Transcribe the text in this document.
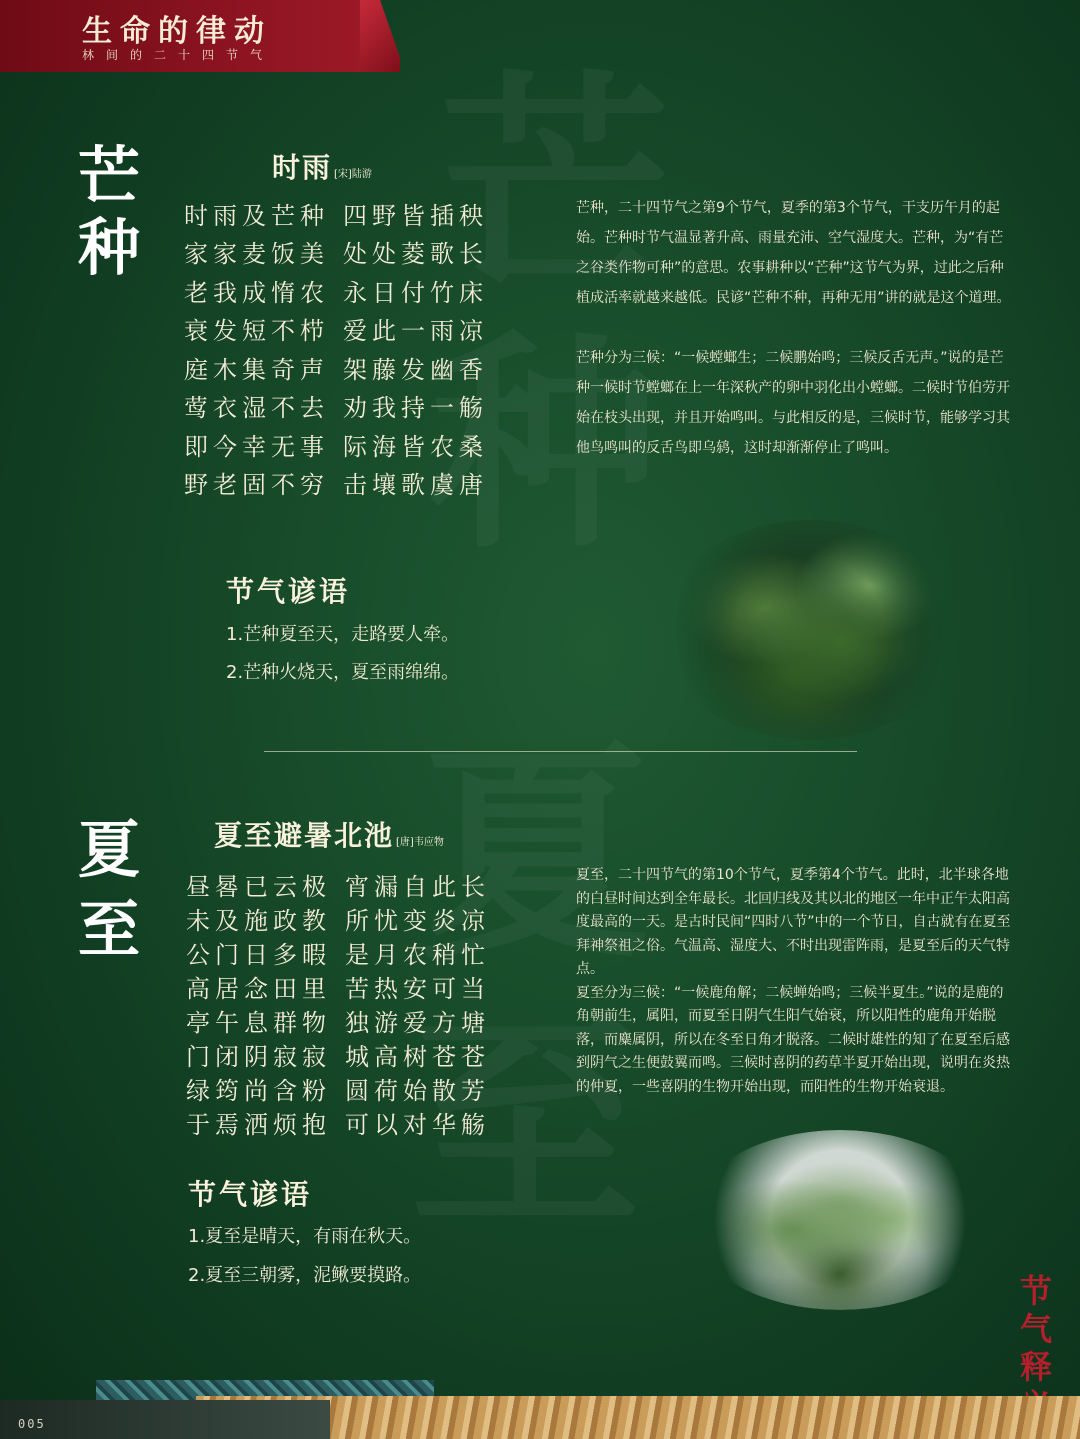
生命的律动
林间的二十四节气
芒种
时雨 [宋]陆游
时雨及芒种 四野皆插秧
家家麦饭美 处处菱歌长
老我成惰农 永日付竹床
衰发短不栉 爱此一雨凉
庭木集奇声 架藤发幽香
莺衣湿不去 劝我持一觞
即今幸无事 际海皆农桑
野老固不穷 击壤歌虞唐
节气谚语
1.芒种夏至天，走路要人牵。
2.芒种火烧天，夏至雨绵绵。

芒种，二十四节气之第9个节气，夏季的第3个节气，干支历午月的起始。芒种时节气温显著升高、雨量充沛、空气湿度大。芒种，为“有芒之谷类作物可种”的意思。农事耕种以“芒种”这节气为界，过此之后种植成活率就越来越低。民谚“芒种不种，再种无用”讲的就是这个道理。

芒种分为三候：“一候螳螂生；二候鹏始鸣；三候反舌无声。”说的是芒种一候时节螳螂在上一年深秋产的卵中羽化出小螳螂。二候时节伯劳开始在枝头出现，并且开始鸣叫。与此相反的是，三候时节，能够学习其他鸟鸣叫的反舌鸟即乌鸫，这时却渐渐停止了鸣叫。

夏至
夏至避暑北池 [唐]韦应物
昼晷已云极 宵漏自此长
未及施政教 所忧变炎凉
公门日多暇 是月农稍忙
高居念田里 苦热安可当
亭午息群物 独游爱方塘
门闭阴寂寂 城高树苍苍
绿筠尚含粉 圆荷始散芳
于焉洒烦抱 可以对华觞
节气谚语
1.夏至是晴天，有雨在秋天。
2.夏至三朝雾，泥鳅要摸路。

夏至，二十四节气的第10个节气，夏季第4个节气。此时，北半球各地的白昼时间达到全年最长。北回归线及其以北的地区一年中正午太阳高度最高的一天。是古时民间“四时八节”中的一个节日，自古就有在夏至拜神祭祖之俗。气温高、湿度大、不时出现雷阵雨，是夏至后的天气特点。

夏至分为三候：“一候鹿角解；二候蝉始鸣；三候半夏生。”说的是鹿的角朝前生，属阳，而夏至日阴气生阳气始衰，所以阳性的鹿角开始脱落，而麋属阴，所以在冬至日角才脱落。二候时雄性的知了在夏至后感到阴气之生便鼓翼而鸣。三候时喜阴的药草半夏开始出现，说明在炎热的仲夏，一些喜阴的生物开始出现，而阳性的生物开始衰退。

节气释
005
